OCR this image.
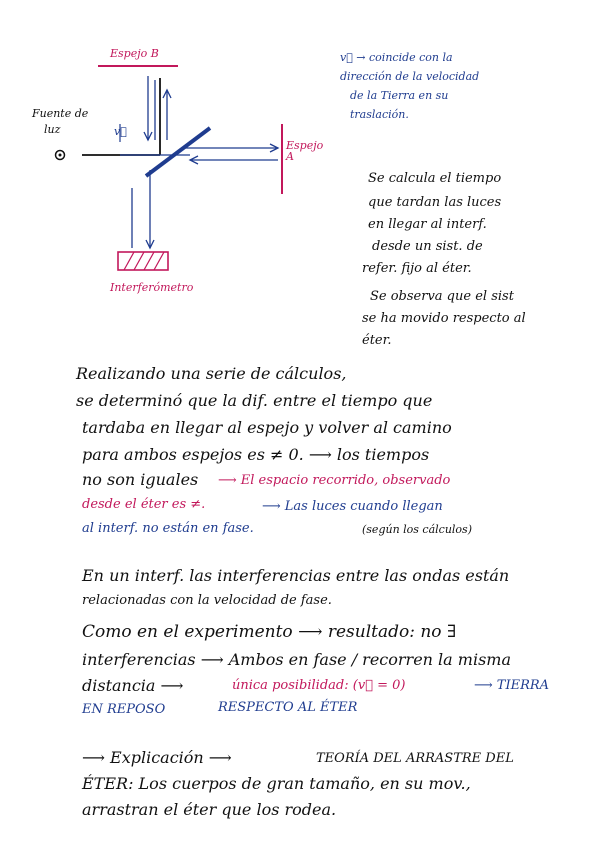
Espejo B
Espejo A
Fuente de
luz	v⃗
Interferómetro
v⃗ → coincide con la
dirección de la velocidad
de la Tierra en su
traslación.
Se calcula el tiempo
que tardan las luces
en llegar al interf.
desde un sist. de
refer. fijo al éter.
Se observa que el sist
se ha movido respecto al
éter.
Realizando una serie de cálculos,
se determinó que la dif. entre el tiempo que
tardaba en llegar al espejo y volver al camino
para ambos espejos es ≠ 0. ⟶ los tiempos
no son iguales ⟶ El espacio recorrido, observado
desde el éter es ≠.	⟶ Las luces cuando llegan
al interf. no están en fase.	(según los cálculos)
En un interf. las interferencias entre las ondas están
relacionadas con la velocidad de fase.
Como en el experimento ⟶ resultado: no ∃
interferencias ⟶ Ambos en fase / recorren la misma
distancia ⟶	única posibilidad: (v⃗ = 0)	⟶ TIERRA
EN REPOSO	RESPECTO AL ÉTER
⟶ Explicación ⟶	TEORÍA DEL ARRASTRE DEL
ÉTER: Los cuerpos de gran tamaño, en su mov.,
arrastran el éter que los rodea.
